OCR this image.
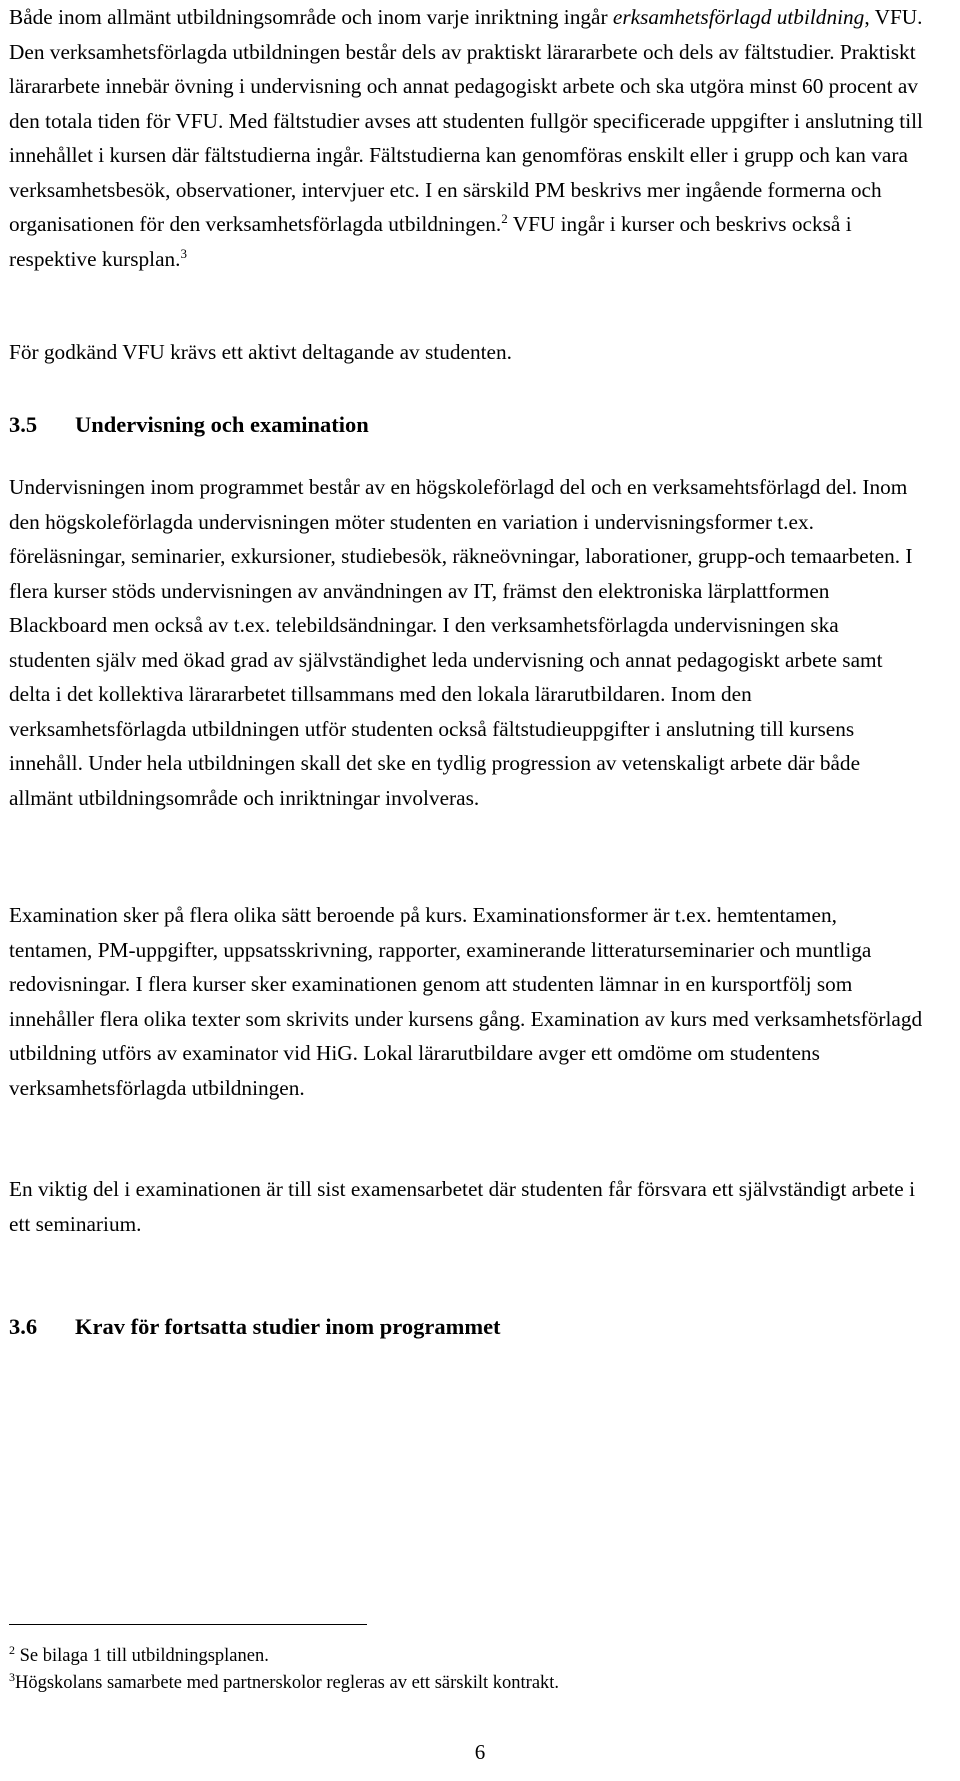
Både inom allmänt utbildningsområde och inom varje inriktning ingår erksamhetsförlagd utbildning, VFU. Den verksamhetsförlagda utbildningen består dels av praktiskt lärararbete och dels av fältstudier. Praktiskt lärararbete innebär övning i undervisning och annat pedagogiskt arbete och ska utgöra minst 60 procent av den totala tiden för VFU. Med fältstudier avses att studenten fullgör specificerade uppgifter i anslutning till innehållet i kursen där fältstudierna ingår. Fältstudierna kan genomföras enskilt eller i grupp och kan vara verksamhetsbesök, observationer, intervjuer etc. I en särskild PM beskrivs mer ingående formerna och organisationen för den verksamhetsförlagda utbildningen.$^2$ VFU ingår i kurser och beskrivs också i respektive kursplan.$^3$

För godkänd VFU krävs ett aktivt deltagande av studenten.

3.5 Undervisning och examination

Undervisningen inom programmet består av en högskoleförlagd del och en verksamehtsförlagd del. Inom den högskoleförlagda undervisningen möter studenten en variation i undervisningsformer t.ex. föreläsningar, seminarier, exkursioner, studiebesök, räkneövningar, laborationer, grupp-och temaarbeten. I flera kurser stöds undervisningen av användningen av IT, främst den elektroniska lärplattformen Blackboard men också av t.ex. telebildsändningar. I den verksamhetsförlagda undervisningen ska studenten själv med ökad grad av självständighet leda undervisning och annat pedagogiskt arbete samt delta i det kollektiva lärararbetet tillsammans med den lokala lärarutbildaren. Inom den verksamhetsförlagda utbildningen utför studenten också fältstudieuppgifter i anslutning till kursens innehåll. Under hela utbildningen skall det ske en tydlig progression av vetenskaligt arbete där både allmänt utbildningsområde och inriktningar involveras.

Examination sker på flera olika sätt beroende på kurs. Examinationsformer är t.ex. hemtentamen, tentamen, PM-uppgifter, uppsatsskrivning, rapporter, examinerande litteraturseminarier och muntliga redovisningar. I flera kurser sker examinationen genom att studenten lämnar in en kursportfölj som innehåller flera olika texter som skrivits under kursens gång. Examination av kurs med verksamhetsförlagd utbildning utförs av examinator vid HiG. Lokal lärarutbildare avger ett omdöme om studentens verksamhetsförlagda utbildningen.

En viktig del i examinationen är till sist examensarbetet där studenten får försvara ett självständigt arbete i ett seminarium.

3.6 Krav för fortsatta studier inom programmet

$^2$ Se bilaga 1 till utbildningsplanen.

$^3$Högskolans samarbete med partnerskolor regleras av ett särskilt kontrakt.

6
